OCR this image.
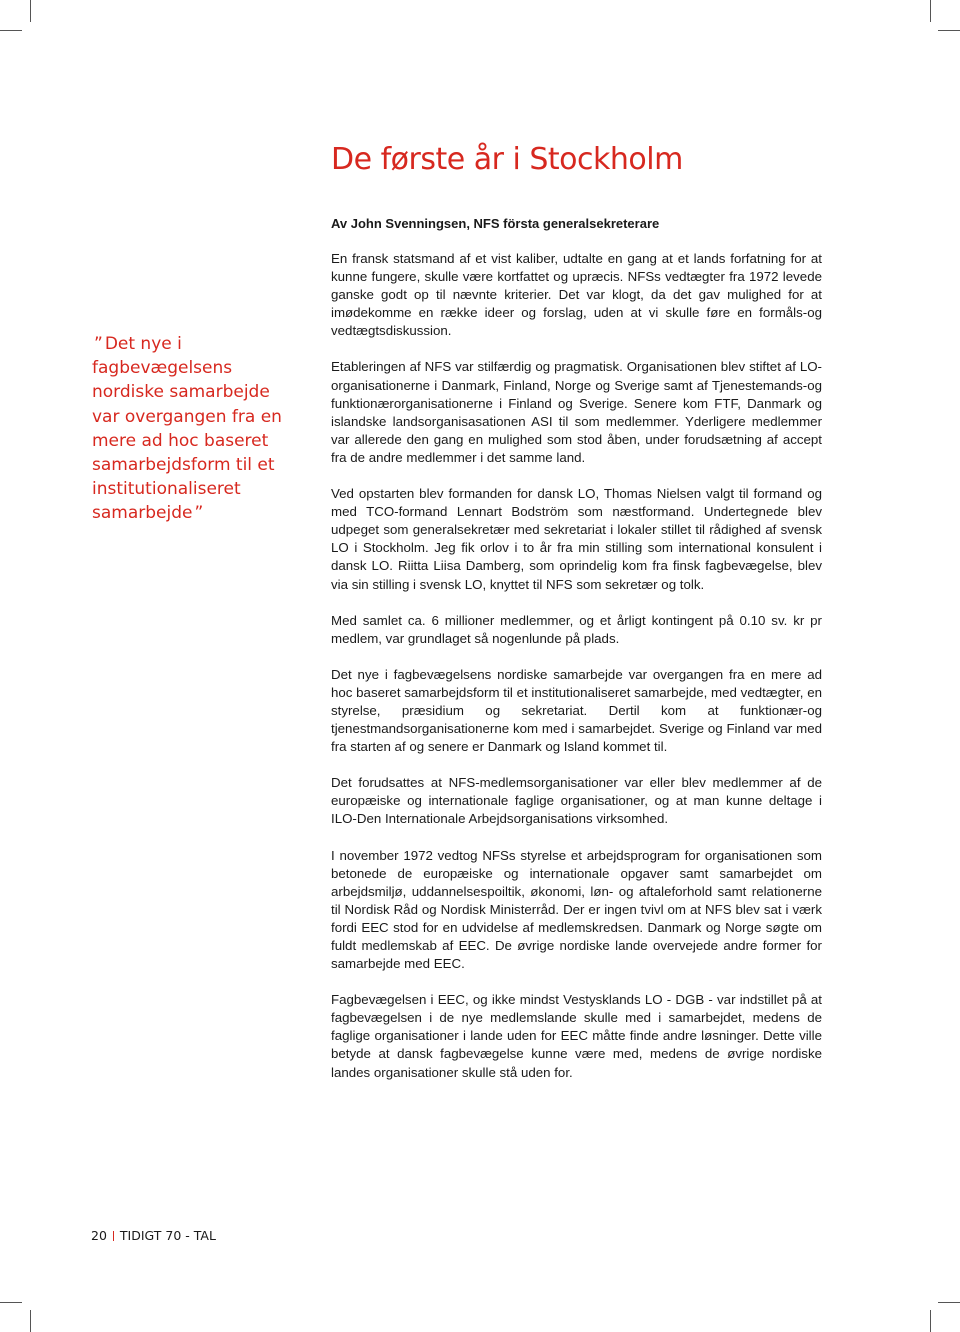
De første år i Stockholm

Av John Svenningsen, NFS första generalsekreterare

” Det nye i fagbevægelsens nordiske samarbejde var overgangen fra en mere ad hoc baseret samarbejdsform til et institutionaliseret samarbejde ”

En fransk statsmand af et vist kaliber, udtalte en gang at et lands forfatning for at kunne fungere, skulle være kortfattet og upræcis. NFSs vedtægter fra 1972 levede ganske godt op til nævnte kriterier. Det var klogt, da det gav mulighed for at imødekomme en række ideer og forslag, uden at vi skulle føre en formåls-og vedtægtsdiskussion.

Etableringen af NFS var stilfærdig og pragmatisk. Organisationen blev stiftet af LO-organisationerne i Danmark, Finland, Norge og Sverige samt af Tjenestemands-og funktionærorganisationerne i Finland og Sverige. Senere kom FTF, Danmark og islandske landsorganisasationen ASI til som medlemmer. Yderligere medlemmer var allerede den gang en mulighed som stod åben, under forudsætning af accept fra de andre medlemmer i det samme land.

Ved opstarten blev formanden for dansk LO, Thomas Nielsen valgt til formand og med TCO-formand Lennart Bodström som næstformand. Undertegnede blev udpeget som generalsekretær med sekretariat i lokaler stillet til rådighed af svensk LO i Stockholm. Jeg fik orlov i to år fra min stilling som international konsulent i dansk LO. Riitta Liisa Damberg, som oprindelig kom fra finsk fagbevægelse, blev via sin stilling i svensk LO, knyttet til NFS som sekretær og tolk.

Med samlet ca. 6 millioner medlemmer, og et årligt kontingent på 0.10 sv. kr pr medlem, var grundlaget så nogenlunde på plads.

Det nye i fagbevægelsens nordiske samarbejde var overgangen fra en mere ad hoc baseret samarbejdsform til et institutionaliseret samarbejde, med vedtægter, en styrelse, præsidium og sekretariat. Dertil kom at funktionær-og tjenestmandsorganisationerne kom med i samarbejdet. Sverige og Finland var med fra starten af og senere er Danmark og Island kommet til.

Det forudsattes at NFS-medlemsorganisationer var eller blev medlemmer af de europæiske og internationale faglige organisationer, og at man kunne deltage i ILO-Den Internationale Arbejdsorganisations virksomhed.

I november 1972 vedtog NFSs styrelse et arbejdsprogram for organisationen som betonede de europæiske og internationale opgaver samt samarbejdet om arbejdsmiljø, uddannelsespoiltik, økonomi, løn- og aftaleforhold samt relationerne til Nordisk Råd og Nordisk Ministerråd. Der er ingen tvivl om at NFS blev sat i værk fordi EEC stod for en udvidelse af medlemskredsen. Danmark og Norge søgte om fuldt medlemskab af EEC. De øvrige nordiske lande overvejede andre former for samarbejde med EEC.

Fagbevægelsen i EEC, og ikke mindst Vestysklands LO - DGB - var indstillet på at fagbevægelsen i de nye medlemslande skulle med i samarbejdet, medens de faglige organisationer i lande uden for EEC måtte finde andre løsninger. Dette ville betyde at dansk fagbevægelse kunne være med, medens de øvrige nordiske landes organisationer skulle stå uden for.

20 TIDIGT 70 - TAL
